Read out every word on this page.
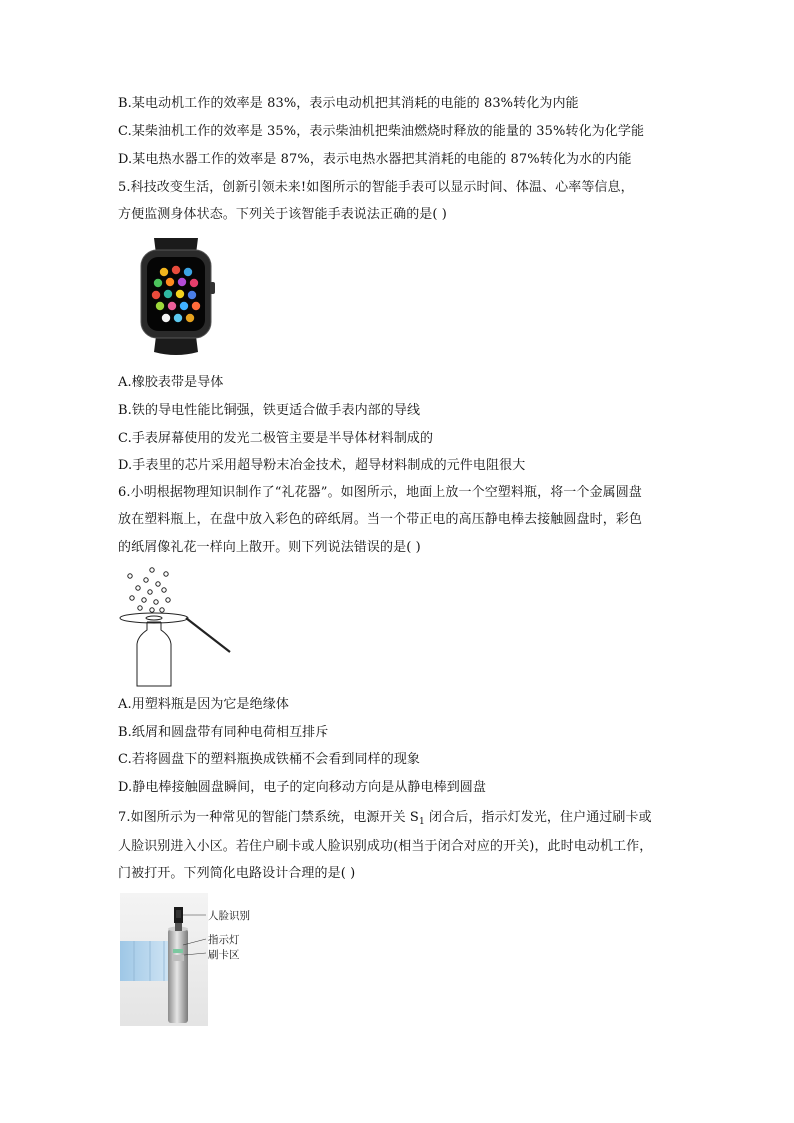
B.某电动机工作的效率是 83%，表示电动机把其消耗的电能的 83%转化为内能
C.某柴油机工作的效率是 35%，表示柴油机把柴油燃烧时释放的能量的 35%转化为化学能
D.某电热水器工作的效率是 87%，表示电热水器把其消耗的电能的 87%转化为水的内能
5.科技改变生活，创新引领未来!如图所示的智能手表可以显示时间、体温、心率等信息，
方便监测身体状态。下列关于该智能手表说法正确的是( )
A.橡胶表带是导体
B.铁的导电性能比铜强，铁更适合做手表内部的导线
C.手表屏幕使用的发光二极管主要是半导体材料制成的
D.手表里的芯片采用超导粉末冶金技术，超导材料制成的元件电阻很大
6.小明根据物理知识制作了“礼花器”。如图所示，地面上放一个空塑料瓶，将一个金属圆盘
放在塑料瓶上，在盘中放入彩色的碎纸屑。当一个带正电的高压静电棒去接触圆盘时，彩色
的纸屑像礼花一样向上散开。则下列说法错误的是( )
A.用塑料瓶是因为它是绝缘体
B.纸屑和圆盘带有同种电荷相互排斥
C.若将圆盘下的塑料瓶换成铁桶不会看到同样的现象
D.静电棒接触圆盘瞬间，电子的定向移动方向是从静电棒到圆盘
7.如图所示为一种常见的智能门禁系统，电源开关 $S_1$ 闭合后，指示灯发光，住户通过刷卡或
人脸识别进入小区。若住户刷卡或人脸识别成功(相当于闭合对应的开关)，此时电动机工作，
门被打开。下列简化电路设计合理的是( )
人脸识别
指示灯
刷卡区
